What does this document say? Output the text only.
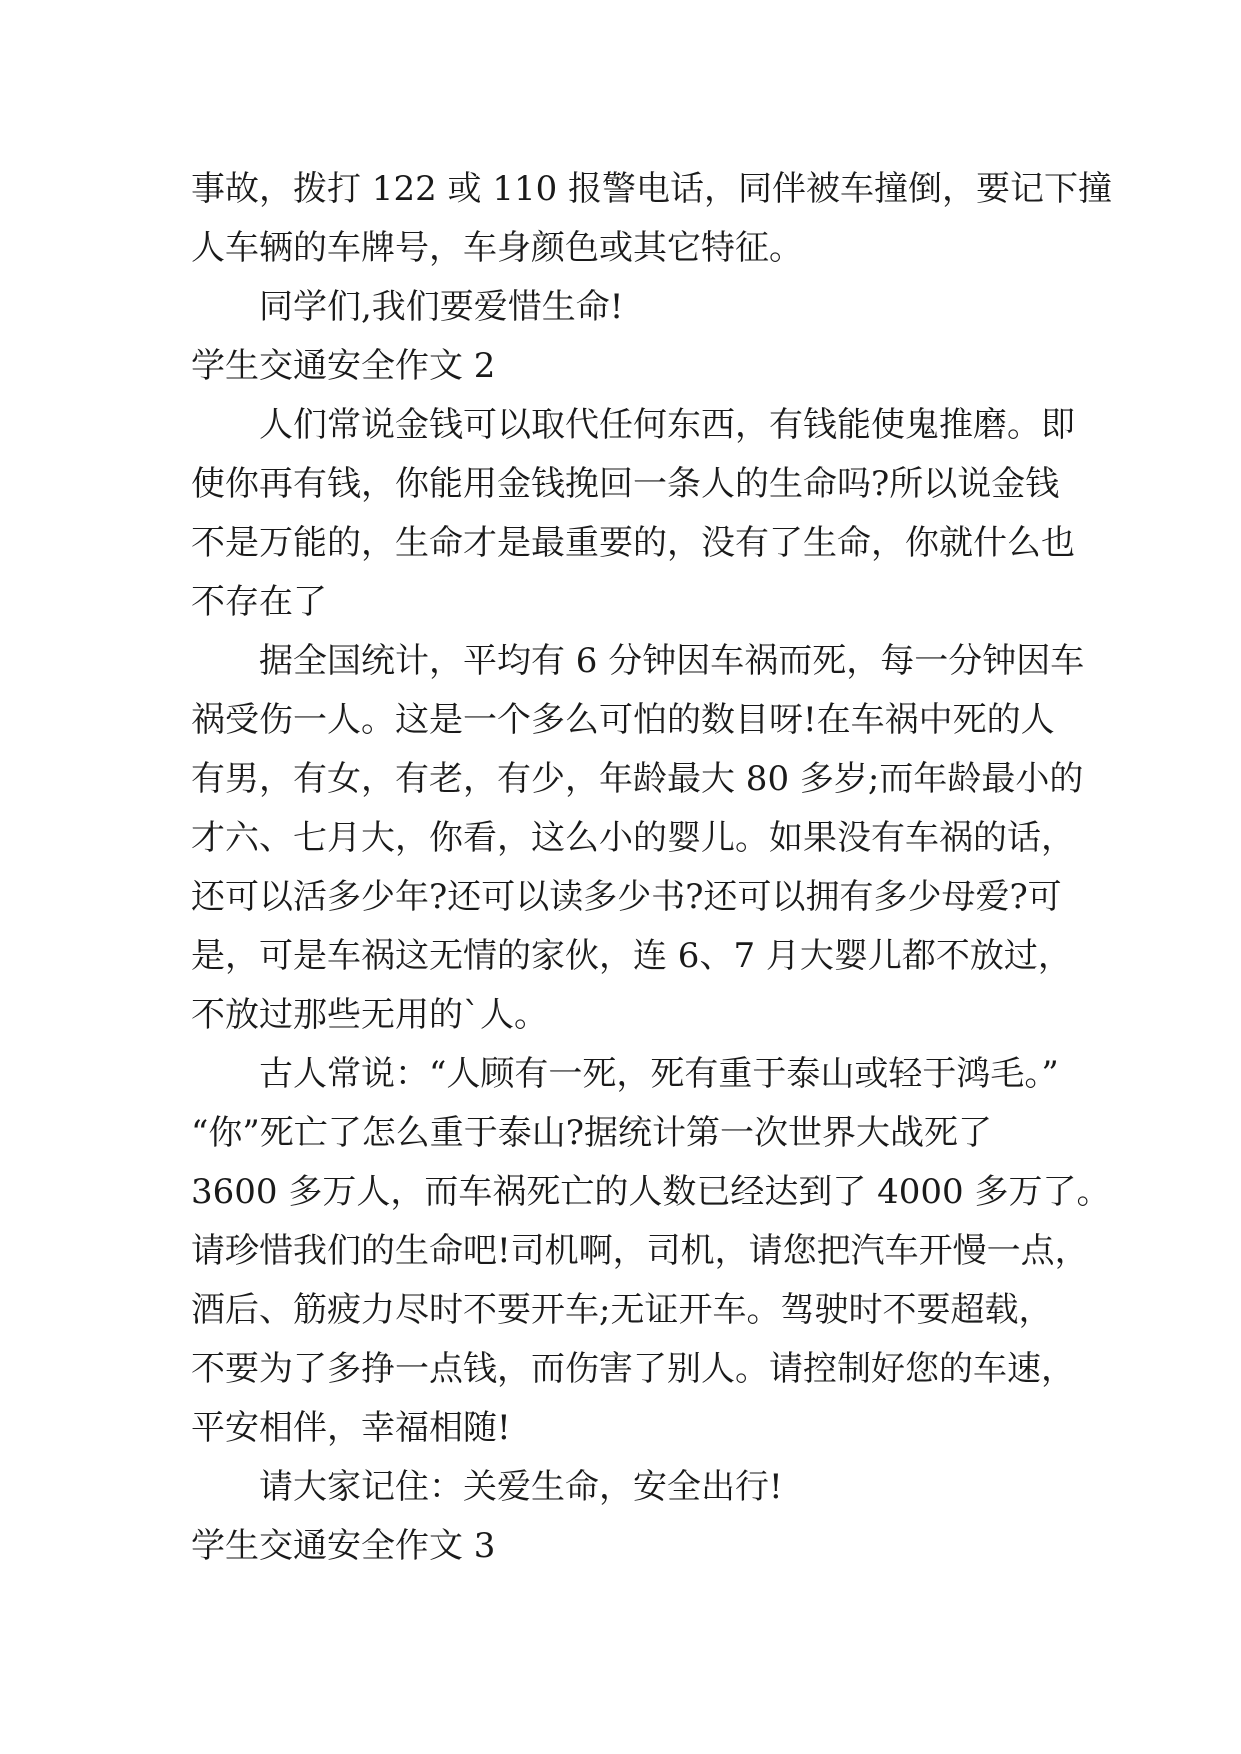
事故，拨打 122 或 110 报警电话，同伴被车撞倒，要记下撞
人车辆的车牌号，车身颜色或其它特征。
同学们,我们要爱惜生命!
学生交通安全作文 2
人们常说金钱可以取代任何东西，有钱能使鬼推磨。即
使你再有钱，你能用金钱挽回一条人的生命吗?所以说金钱
不是万能的，生命才是最重要的，没有了生命，你就什么也
不存在了
据全国统计，平均有 6 分钟因车祸而死，每一分钟因车
祸受伤一人。这是一个多么可怕的数目呀!在车祸中死的人
有男，有女，有老，有少，年龄最大 80 多岁;而年龄最小的
才六、七月大，你看，这么小的婴儿。如果没有车祸的话，
还可以活多少年?还可以读多少书?还可以拥有多少母爱?可
是，可是车祸这无情的家伙，连 6、7 月大婴儿都不放过，
不放过那些无用的`人。
古人常说：“人顾有一死，死有重于泰山或轻于鸿毛。”
“你”死亡了怎么重于泰山?据统计第一次世界大战死了
3600 多万人，而车祸死亡的人数已经达到了 4000 多万了。
请珍惜我们的生命吧!司机啊，司机，请您把汽车开慢一点，
酒后、筋疲力尽时不要开车;无证开车。驾驶时不要超载，
不要为了多挣一点钱，而伤害了别人。请控制好您的车速，
平安相伴，幸福相随!
请大家记住：关爱生命，安全出行!
学生交通安全作文 3
